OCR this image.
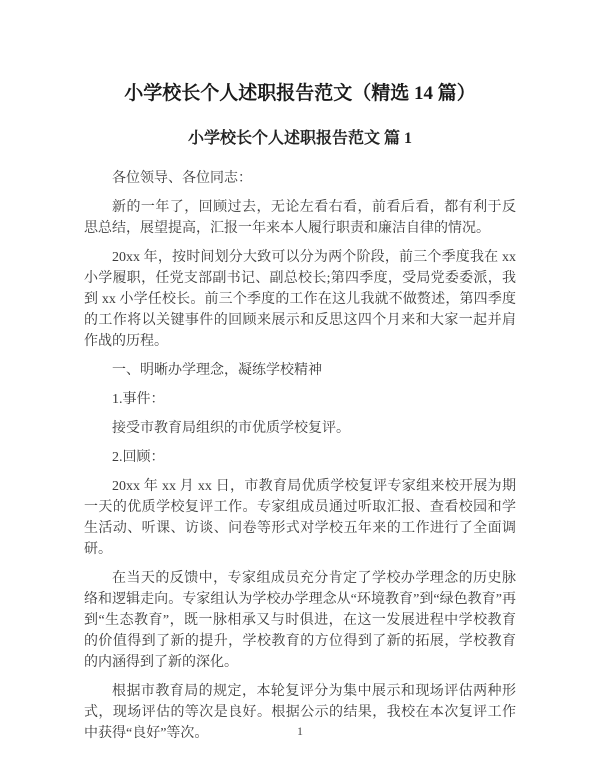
小学校长个人述职报告范文（精选 14 篇）
小学校长个人述职报告范文 篇 1

各位领导、各位同志：

新的一年了，回顾过去，无论左看右看，前看后看，都有利于反思总结，展望提高，汇报一年来本人履行职责和廉洁自律的情况。

20xx 年，按时间划分大致可以分为两个阶段，前三个季度我在 xx 小学履职，任党支部副书记、副总校长;第四季度，受局党委委派，我到 xx 小学任校长。前三个季度的工作在这儿我就不做赘述，第四季度的工作将以关键事件的回顾来展示和反思这四个月来和大家一起并肩作战的历程。

一、明晰办学理念，凝练学校精神

1.事件：

接受市教育局组织的市优质学校复评。

2.回顾：

20xx 年 xx 月 xx 日，市教育局优质学校复评专家组来校开展为期一天的优质学校复评工作。专家组成员通过听取汇报、查看校园和学生活动、听课、访谈、问卷等形式对学校五年来的工作进行了全面调研。

在当天的反馈中，专家组成员充分肯定了学校办学理念的历史脉络和逻辑走向。专家组认为学校办学理念从“环境教育”到“绿色教育”再到“生态教育”，既一脉相承又与时俱进，在这一发展进程中学校教育的价值得到了新的提升，学校教育的方位得到了新的拓展，学校教育的内涵得到了新的深化。

根据市教育局的规定，本轮复评分为集中展示和现场评估两种形式，现场评估的等次是良好。根据公示的结果，我校在本次复评工作中获得“良好”等次。	1
